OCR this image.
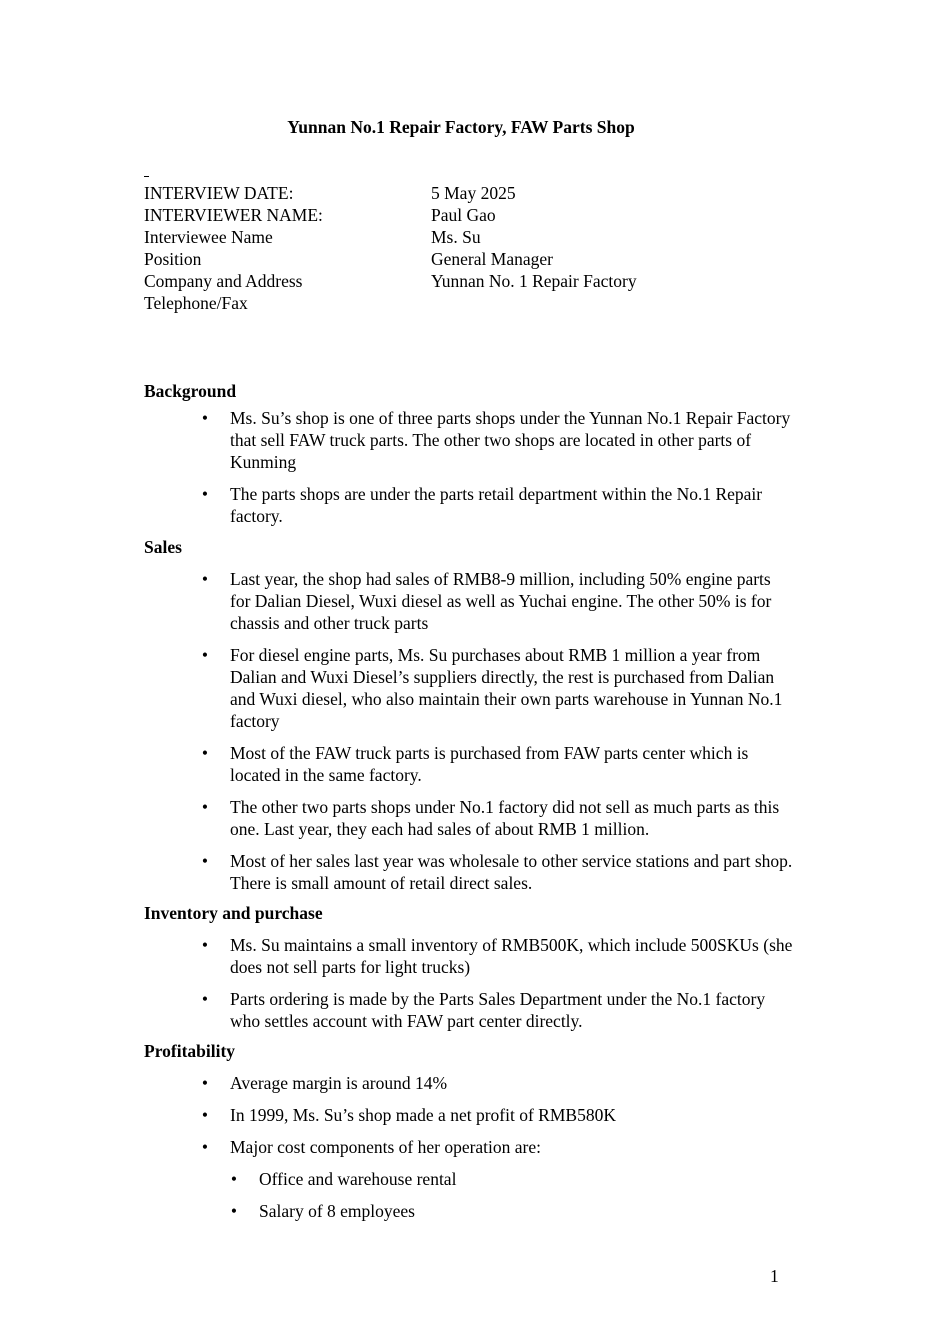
Yunnan No.1 Repair Factory, FAW Parts Shop
INTERVIEW DATE:	5 May 2025
INTERVIEWER NAME:	Paul Gao
Interviewee Name	Ms. Su
Position	General Manager
Company and Address	Yunnan No. 1 Repair Factory
Telephone/Fax
Background
• Ms. Su’s shop is one of three parts shops under the Yunnan No.1 Repair Factory that sell FAW truck parts. The other two shops are located in other parts of Kunming
• The parts shops are under the parts retail department within the No.1 Repair factory.
Sales
• Last year, the shop had sales of RMB8-9 million, including 50% engine parts for Dalian Diesel, Wuxi diesel as well as Yuchai engine. The other 50% is for chassis and other truck parts
• For diesel engine parts, Ms. Su purchases about RMB 1 million a year from Dalian and Wuxi Diesel’s suppliers directly, the rest is purchased from Dalian and Wuxi diesel, who also maintain their own parts warehouse in Yunnan No.1 factory
• Most of the FAW truck parts is purchased from FAW parts center which is located in the same factory.
• The other two parts shops under No.1 factory did not sell as much parts as this one. Last year, they each had sales of about RMB 1 million.
• Most of her sales last year was wholesale to other service stations and part shop. There is small amount of retail direct sales.
Inventory and purchase
• Ms. Su maintains a small inventory of RMB500K, which include 500SKUs (she does not sell parts for light trucks)
• Parts ordering is made by the Parts Sales Department under the No.1 factory who settles account with FAW part center directly.
Profitability
• Average margin is around 14%
• In 1999, Ms. Su’s shop made a net profit of RMB580K
• Major cost components of her operation are:
• Office and warehouse rental
• Salary of 8 employees
1
